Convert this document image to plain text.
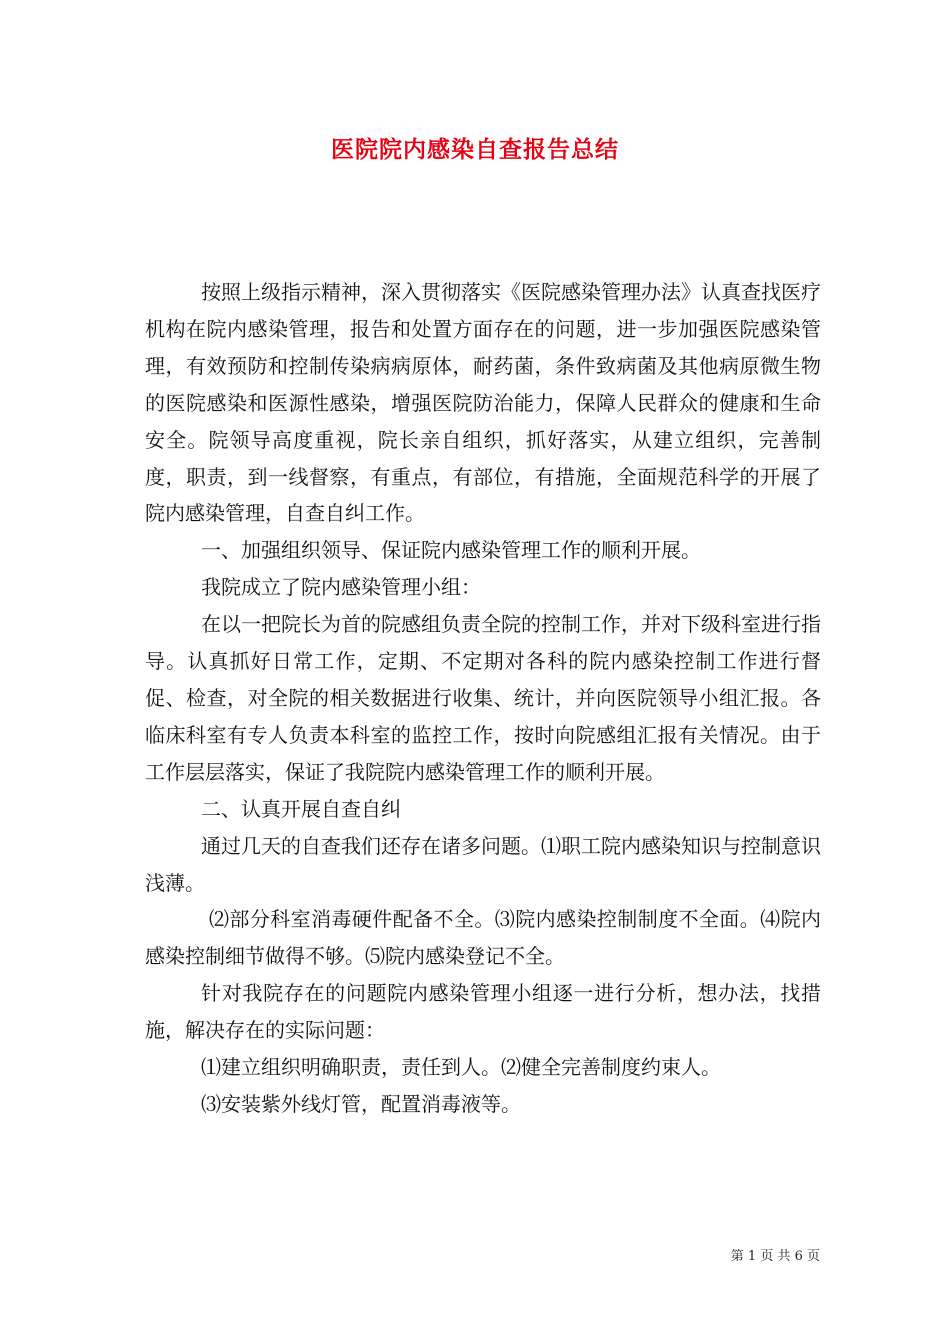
医院院内感染自查报告总结

按照上级指示精神，深入贯彻落实《医院感染管理办法》认真查找医疗机构在院内感染管理，报告和处置方面存在的问题，进一步加强医院感染管理，有效预防和控制传染病病原体，耐药菌，条件致病菌及其他病原微生物的医院感染和医源性感染，增强医院防治能力，保障人民群众的健康和生命安全。院领导高度重视，院长亲自组织，抓好落实，从建立组织，完善制度，职责，到一线督察，有重点，有部位，有措施，全面规范科学的开展了院内感染管理，自查自纠工作。

一、加强组织领导、保证院内感染管理工作的顺利开展。

我院成立了院内感染管理小组：

在以一把院长为首的院感组负责全院的控制工作，并对下级科室进行指导。认真抓好日常工作，定期、不定期对各科的院内感染控制工作进行督促、检查，对全院的相关数据进行收集、统计，并向医院领导小组汇报。各临床科室有专人负责本科室的监控工作，按时向院感组汇报有关情况。由于工作层层落实，保证了我院院内感染管理工作的顺利开展。

二、认真开展自查自纠

通过几天的自查我们还存在诸多问题。⑴职工院内感染知识与控制意识浅薄。

⑵部分科室消毒硬件配备不全。⑶院内感染控制制度不全面。⑷院内感染控制细节做得不够。⑸院内感染登记不全。

针对我院存在的问题院内感染管理小组逐一进行分析，想办法，找措施，解决存在的实际问题：

⑴建立组织明确职责，责任到人。⑵健全完善制度约束人。

⑶安装紫外线灯管，配置消毒液等。

第 1 页 共 6 页
